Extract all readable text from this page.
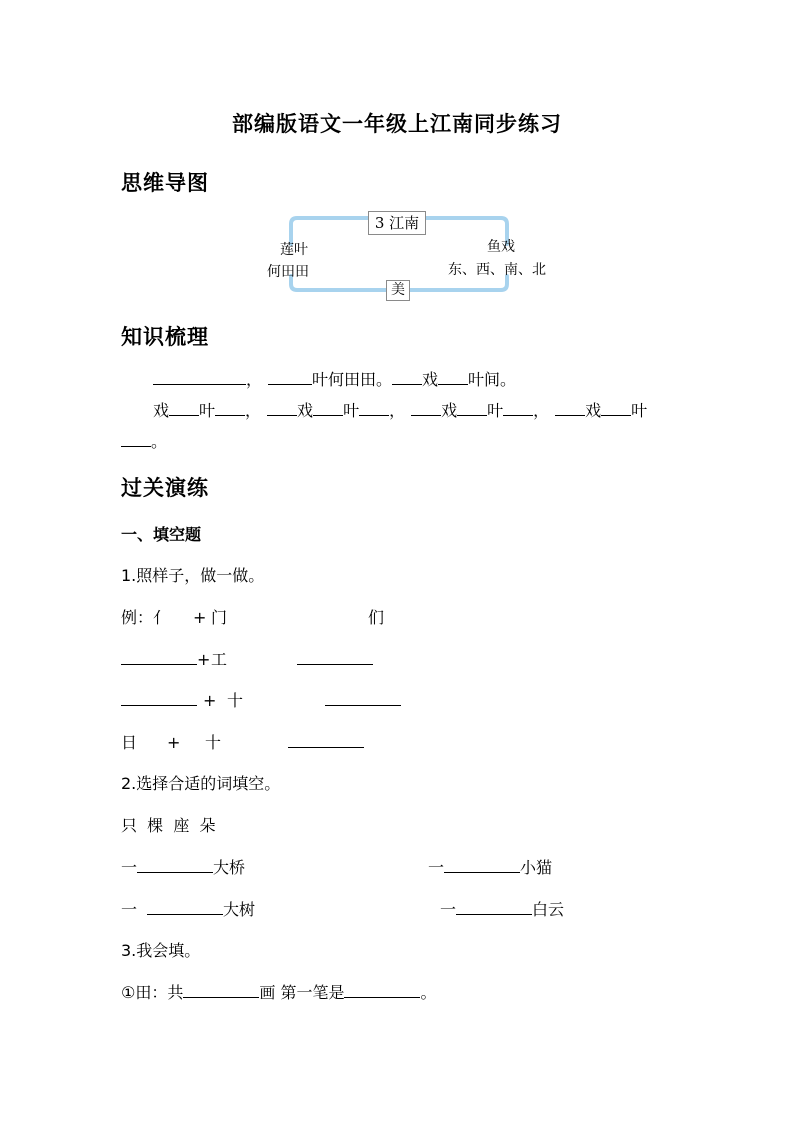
部编版语文一年级上江南同步练习
思维导图
3 江南
莲叶
何田田
鱼戏
东、西、南、北
美
知识梳理
，	叶何田田。 戏 叶间。
戏 叶 ， 戏 叶 ， 戏 叶 ， 戏 叶
。
过关演练
一、填空题
1.照样子，做一做。
例：亻 + 门	们
+工
+ 十
日 + 十
2.选择合适的词填空。
只  棵  座  朵
一	大桥	一	小猫
一	大树	一	白云
3.我会填。
①田：共	画 第一笔是	。
